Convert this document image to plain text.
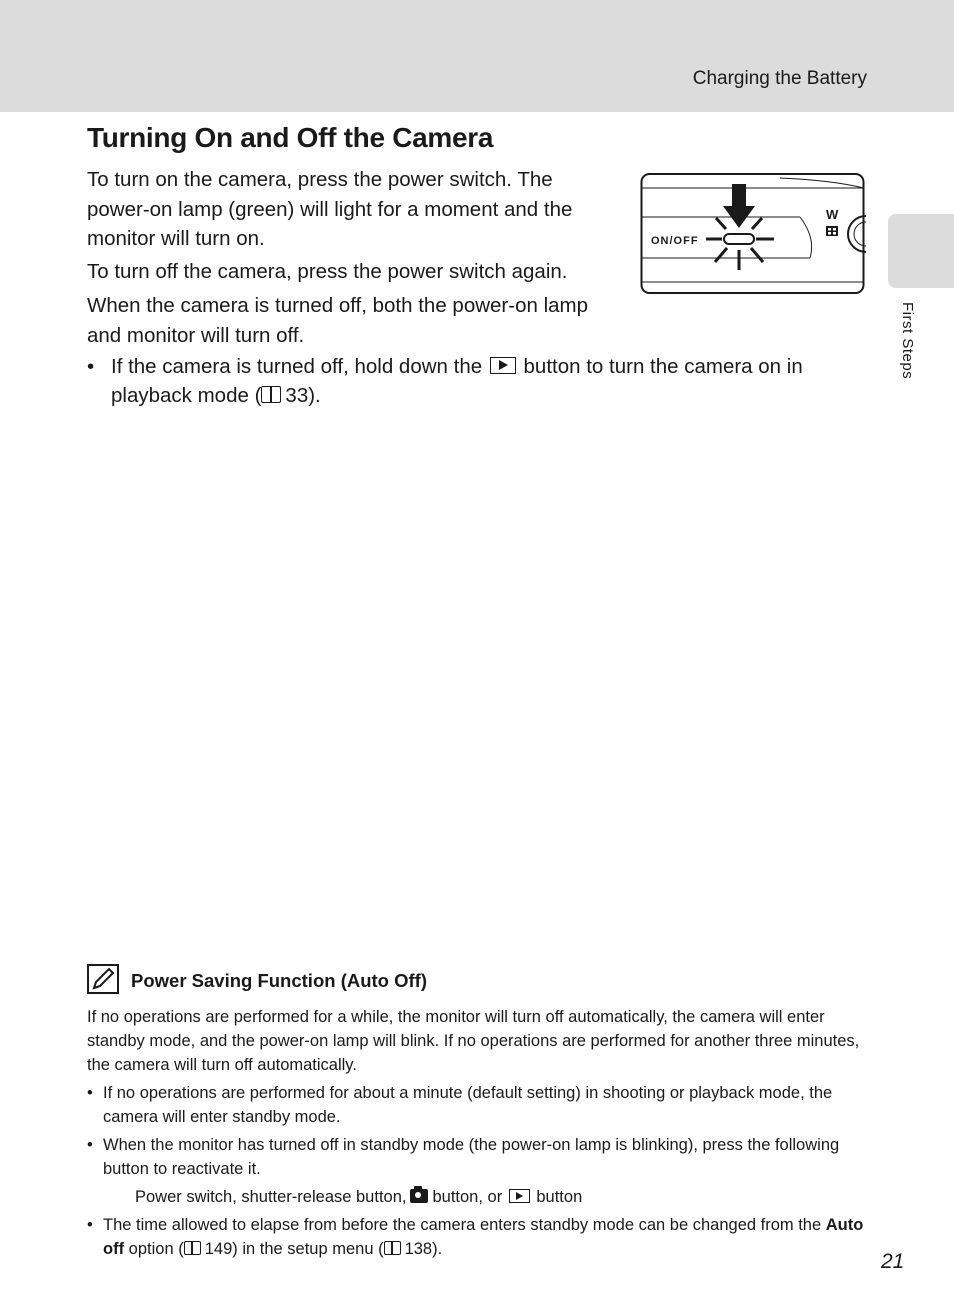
Charging the Battery
First Steps
Turning On and Off the Camera

To turn on the camera, press the power switch. The power-on lamp (green) will light for a moment and the monitor will turn on.

To turn off the camera, press the power switch again.

When the camera is turned off, both the power-on lamp and monitor will turn off.

• If the camera is turned off, hold down the button to turn the camera on in playback mode ( 33).
W
ON/OFF
Power Saving Function (Auto Off)

If no operations are performed for a while, the monitor will turn off automatically, the camera will enter standby mode, and the power-on lamp will blink. If no operations are performed for another three minutes, the camera will turn off automatically.

• If no operations are performed for about a minute (default setting) in shooting or playback mode, the camera will enter standby mode.
• When the monitor has turned off in standby mode (the power-on lamp is blinking), press the following button to reactivate it.
Power switch, shutter-release button, button, or button
• The time allowed to elapse from before the camera enters standby mode can be changed from the Auto off option ( 149) in the setup menu ( 138).
21
